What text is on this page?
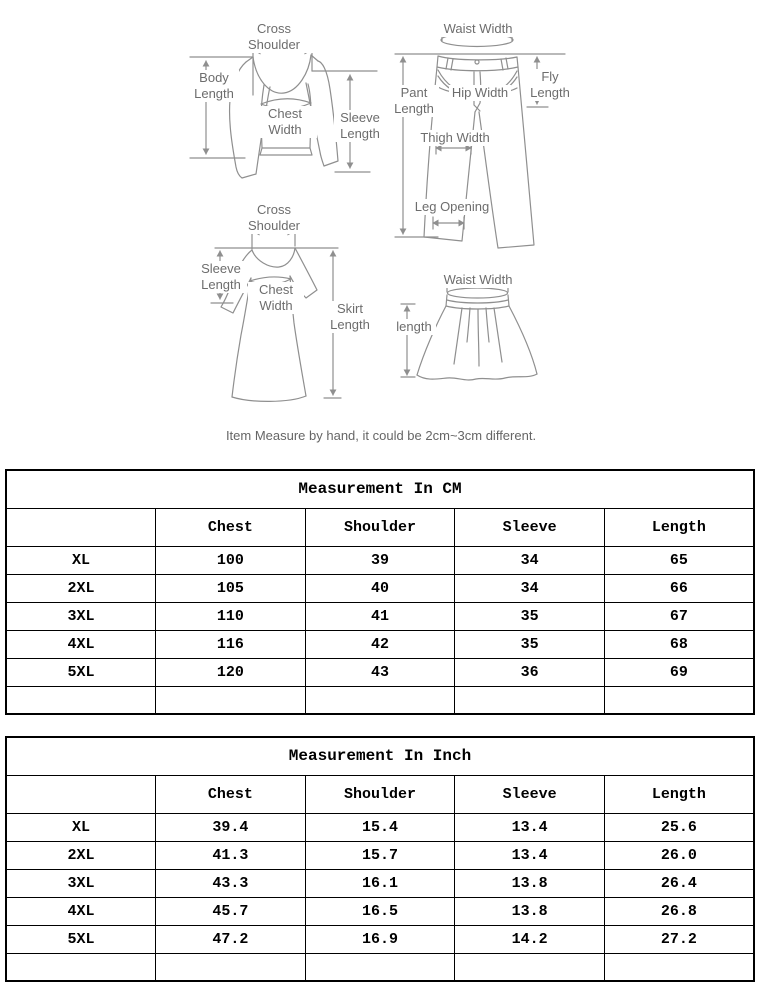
Cross Shoulder
Body Length
Chest Width
Sleeve Length
Waist Width
Pant Length
Fly Length
Hip Width
Thigh Width
Leg Opening
Cross Shoulder
Sleeve Length	Chest Width	Skirt Length
Waist Width
length
Item Measure by hand, it could be 2cm~3cm different.
Measurement In CM				
	Chest	Shoulder	Sleeve	Length
XL	100	39	34	65
2XL	105	40	34	66
3XL	110	41	35	67
4XL	116	42	35	68
5XL	120	43	36	69

Measurement In Inch				
	Chest	Shoulder	Sleeve	Length
XL	39.4	15.4	13.4	25.6
2XL	41.3	15.7	13.4	26.0
3XL	43.3	16.1	13.8	26.4
4XL	45.7	16.5	13.8	26.8
5XL	47.2	16.9	14.2	27.2
